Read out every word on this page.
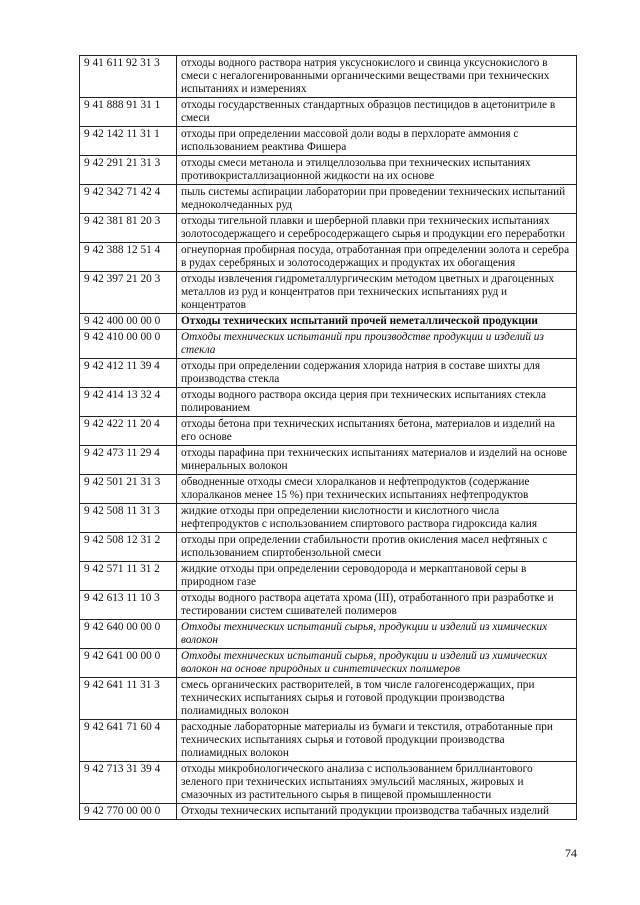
9 41 611 92 31 3	отходы водного раствора натрия уксуснокислого и свинца уксуснокислого в смеси с негалогенированными органическими веществами при технических испытаниях и измерениях
9 41 888 91 31 1	отходы государственных стандартных образцов пестицидов в ацетонитриле в смеси
9 42 142 11 31 1	отходы при определении массовой доли воды в перхлорате аммония с использованием реактива Фишера
9 42 291 21 31 3	отходы смеси метанола и этилцеллозольва при технических испытаниях противокристаллизационной жидкости на их основе
9 42 342 71 42 4	пыль системы аспирации лаборатории при проведении технических испытаний медноколчеданных руд
9 42 381 81 20 3	отходы тигельной плавки и шерберной плавки при технических испытаниях золотосодержащего и серебросодержащего сырья и продукции его переработки
9 42 388 12 51 4	огнеупорная пробирная посуда, отработанная при определении золота и серебра в рудах серебряных и золотосодержащих и продуктах их обогащения
9 42 397 21 20 3	отходы извлечения гидрометаллургическим методом цветных и драгоценных металлов из руд и концентратов при технических испытаниях руд и концентратов
9 42 400 00 00 0	Отходы технических испытаний прочей неметаллической продукции
9 42 410 00 00 0	Отходы технических испытаний при производстве продукции и изделий из стекла
9 42 412 11 39 4	отходы при определении содержания хлорида натрия в составе шихты для производства стекла
9 42 414 13 32 4	отходы водного раствора оксида церия при технических испытаниях стекла полированием
9 42 422 11 20 4	отходы бетона при технических испытаниях бетона, материалов и изделий на его основе
9 42 473 11 29 4	отходы парафина при технических испытаниях материалов и изделий на основе минеральных волокон
9 42 501 21 31 3	обводненные отходы смеси хлоралканов и нефтепродуктов (содержание хлоралканов менее 15 %) при технических испытаниях нефтепродуктов
9 42 508 11 31 3	жидкие отходы при определении кислотности и кислотного числа нефтепродуктов с использованием спиртового раствора гидроксида калия
9 42 508 12 31 2	отходы при определении стабильности против окисления масел нефтяных с использованием спиртобензольной смеси
9 42 571 11 31 2	жидкие отходы при определении сероводорода и меркаптановой серы в природном газе
9 42 613 11 10 3	отходы водного раствора ацетата хрома (III), отработанного при разработке и тестировании систем сшивателей полимеров
9 42 640 00 00 0	Отходы технических испытаний сырья, продукции и изделий из химических волокон
9 42 641 00 00 0	Отходы технических испытаний сырья, продукции и изделий из химических волокон на основе природных и синтетических полимеров
9 42 641 11 31 3	смесь органических растворителей, в том числе галогенсодержащих, при технических испытаниях сырья и готовой продукции производства полиамидных волокон
9 42 641 71 60 4	расходные лабораторные материалы из бумаги и текстиля, отработанные при технических испытаниях сырья и готовой продукции производства полиамидных волокон
9 42 713 31 39 4	отходы микробиологического анализа с использованием бриллиантового зеленого при технических испытаниях эмульсий масляных, жировых и смазочных из растительного сырья в пищевой промышленности
9 42 770 00 00 0	Отходы технических испытаний продукции производства табачных изделий
74
